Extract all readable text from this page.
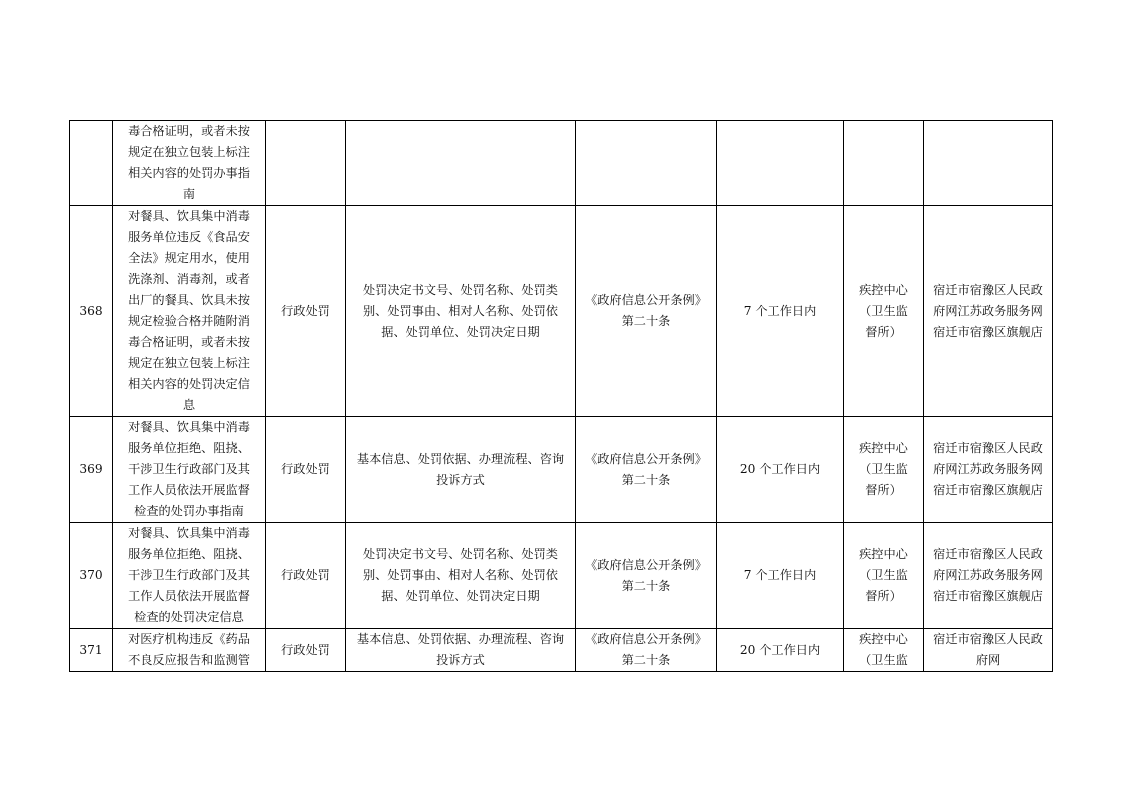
	毒合格证明，或者未按规定在独立包装上标注相关内容的处罚办事指南						

368	对餐具、饮具集中消毒服务单位违反《食品安全法》规定用水，使用洗涤剂、消毒剂，或者出厂的餐具、饮具未按规定检验合格并随附消毒合格证明，或者未按规定在独立包装上标注相关内容的处罚决定信息	行政处罚	处罚决定书文号、处罚名称、处罚类别、处罚事由、相对人名称、处罚依据、处罚单位、处罚决定日期	《政府信息公开条例》第二十条	7 个工作日内	疾控中心（卫生监督所）	宿迁市宿豫区人民政府网江苏政务服务网宿迁市宿豫区旗舰店

369	对餐具、饮具集中消毒服务单位拒绝、阻挠、干涉卫生行政部门及其工作人员依法开展监督检查的处罚办事指南	行政处罚	基本信息、处罚依据、办理流程、咨询投诉方式	《政府信息公开条例》第二十条	20 个工作日内	疾控中心（卫生监督所）	宿迁市宿豫区人民政府网江苏政务服务网宿迁市宿豫区旗舰店

370	对餐具、饮具集中消毒服务单位拒绝、阻挠、干涉卫生行政部门及其工作人员依法开展监督检查的处罚决定信息	行政处罚	处罚决定书文号、处罚名称、处罚类别、处罚事由、相对人名称、处罚依据、处罚单位、处罚决定日期	《政府信息公开条例》第二十条	7 个工作日内	疾控中心（卫生监督所）	宿迁市宿豫区人民政府网江苏政务服务网宿迁市宿豫区旗舰店

371	对医疗机构违反《药品不良反应报告和监测管	行政处罚	基本信息、处罚依据、办理流程、咨询投诉方式	《政府信息公开条例》第二十条	20 个工作日内	疾控中心（卫生监	宿迁市宿豫区人民政府网
